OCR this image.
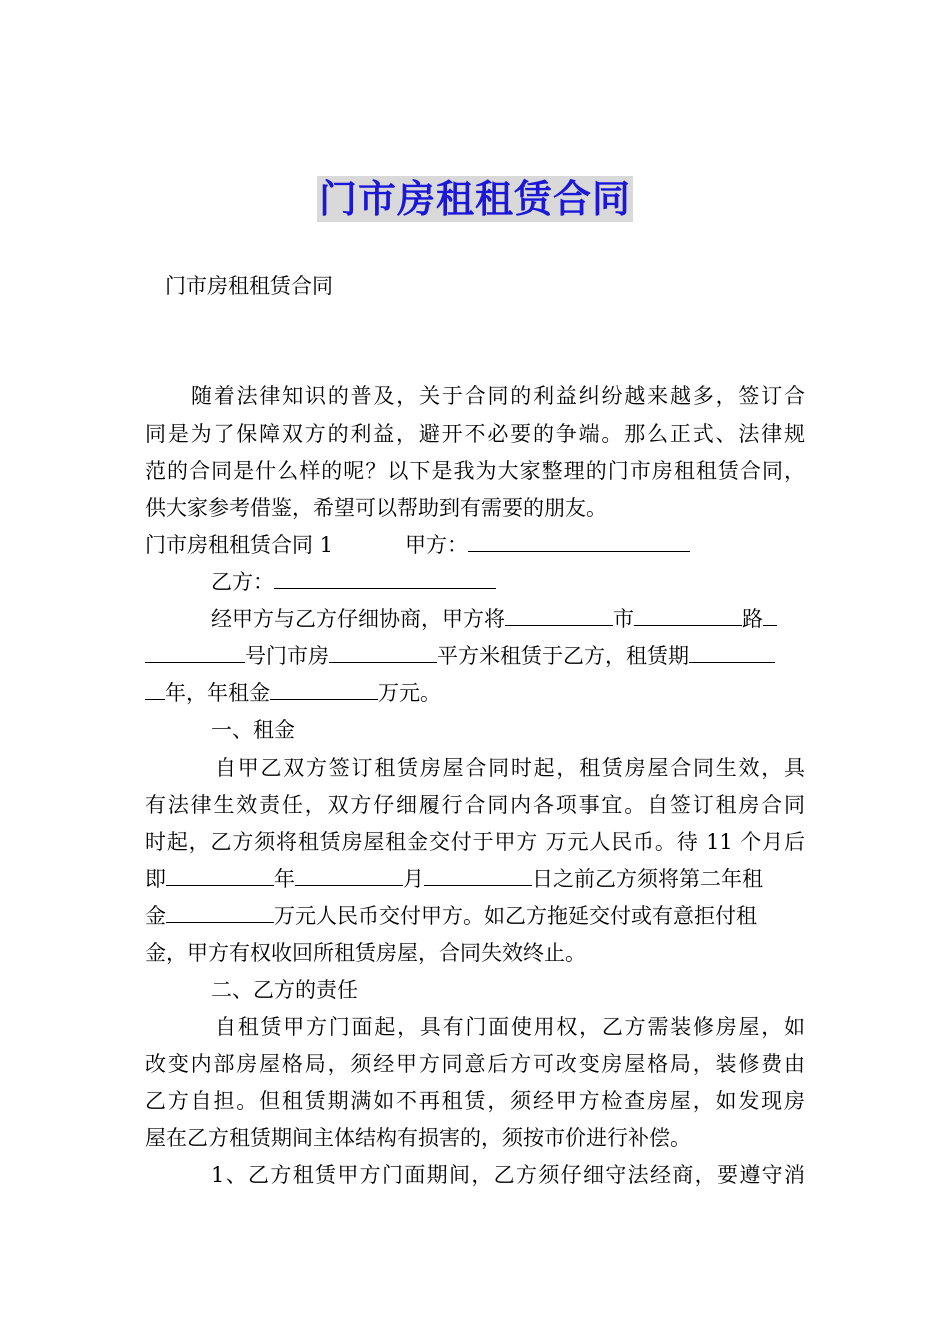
门市房租租赁合同
门市房租租赁合同
随着法律知识的普及，关于合同的利益纠纷越来越多，签订合
同是为了保障双方的利益，避开不必要的争端。那么正式、法律规
范的合同是什么样的呢？以下是我为大家整理的门市房租租赁合同，
供大家参考借鉴，希望可以帮助到有需要的朋友。
门市房租租赁合同 1	甲方：
乙方：
经甲方与乙方仔细协商，甲方将	市	路
号门市房	平方米租赁于乙方，租赁期
年，年租金	万元。
一、租金
自甲乙双方签订租赁房屋合同时起，租赁房屋合同生效，具
有法律生效责任，双方仔细履行合同内各项事宜。自签订租房合同
时起，乙方须将租赁房屋租金交付于甲方 万元人民币。待 11 个月后
即	年	月	日之前乙方须将第二年租
金	万元人民币交付甲方。如乙方拖延交付或有意拒付租
金，甲方有权收回所租赁房屋，合同失效终止。
二、乙方的责任
自租赁甲方门面起，具有门面使用权，乙方需装修房屋，如
改变内部房屋格局，须经甲方同意后方可改变房屋格局，装修费由
乙方自担。但租赁期满如不再租赁，须经甲方检查房屋，如发现房
屋在乙方租赁期间主体结构有损害的，须按市价进行补偿。
1、乙方租赁甲方门面期间，乙方须仔细守法经商，要遵守消
